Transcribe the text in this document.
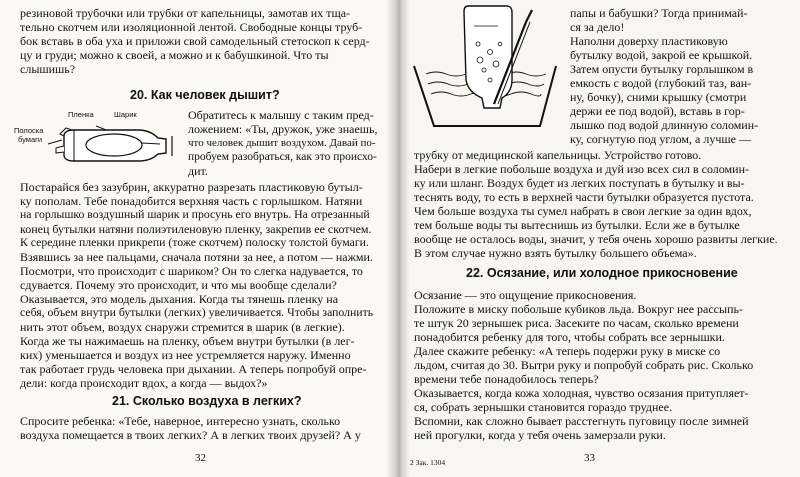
резиновой трубочки или трубки от капельницы, замотав их тща-
тельно скотчем или изоляционной лентой. Свободные концы труб-
бок вставь в оба уха и приложи свой самодельный стетоскоп к серд-
цу и груди; можно к своей, а можно и к бабушкиной. Что ты
слышишь?
20. Как человек дышит?
Пленка	Шарик
Полоска
бумаги
Обратитесь к малышу с таким пред-
ложением: «Ты, дружок, уже знаешь,
что человек дышит воздухом. Давай по-
пробуем разобраться, как это происхо-
дит.
Постарайся без зазубрин, аккуратно разрезать пластиковую бутыл-
ку пополам. Тебе понадобится верхняя часть с горлышком. Натяни
на горлышко воздушный шарик и просунь его внутрь. На отрезанный
конец бутылки натяни полиэтиленовую пленку, закрепив ее скотчем.
К середине пленки прикрепи (тоже скотчем) полоску толстой бумаги.
Взявшись за нее пальцами, сначала потяни за нее, а потом — нажми.
Посмотри, что происходит с шариком? Он то слегка надувается, то
сдувается. Почему это происходит, и что мы вообще сделали?
Оказывается, это модель дыхания. Когда ты тянешь пленку на
себя, объем внутри бутылки (легких) увеличивается. Чтобы заполнить
нить этот объем, воздух снаружи стремится в шарик (в легкие).
Когда же ты нажимаешь на пленку, объем внутри бутылки (в лег-
ких) уменьшается и воздух из нее устремляется наружу. Именно
так работает грудь человека при дыхании. А теперь попробуй опре-
дели: когда происходит вдох, а когда — выдох?»
21. Сколько воздуха в легких?
Спросите ребенка: «Тебе, наверное, интересно узнать, сколько
воздуха помещается в твоих легких? А в легких твоих друзей? А у
32
папы и бабушки? Тогда принимай-
ся за дело!
Наполни доверху пластиковую
бутылку водой, закрой ее крышкой.
Затем опусти бутылку горлышком в
емкость с водой (глубокий таз, ван-
ну, бочку), сними крышку (смотри
держи ее под водой), вставь в гор-
лышко под водой длинную соломин-
ку, согнутую под углом, а лучше —
трубку от медицинской капельницы. Устройство готово.
Набери в легкие побольше воздуха и дуй изо всех сил в соломин-
ку или шланг. Воздух будет из легких поступать в бутылку и вы-
теснять воду, то есть в верхней части бутылки образуется пустота.
Чем больше воздуха ты сумел набрать в свои легкие за один вдох,
тем больше воды ты вытеснишь из бутылки. Если же в бутылке
вообще не осталось воды, значит, у тебя очень хорошо развиты легкие.
В этом случае нужно взять бутылку большего объема».
22. Осязание, или холодное прикосновение
Осязание — это ощущение прикосновения.
Положите в миску побольше кубиков льда. Вокруг нее рассыпь-
те штук 20 зернышек риса. Засеките по часам, сколько времени
понадобится ребенку для того, чтобы собрать все зернышки.
Далее скажите ребенку: «А теперь подержи руку в миске со
льдом, считая до 30. Вытри руку и попробуй собрать рис. Сколько
времени тебе понадобилось теперь?
Оказывается, когда кожа холодная, чувство осязания притупляет-
ся, собрать зернышки становится гораздо труднее.
Вспомни, как сложно бывает расстегнуть пуговицу после зимней
ней прогулки, когда у тебя очень замерзали руки.
2 Зак. 1304	33
